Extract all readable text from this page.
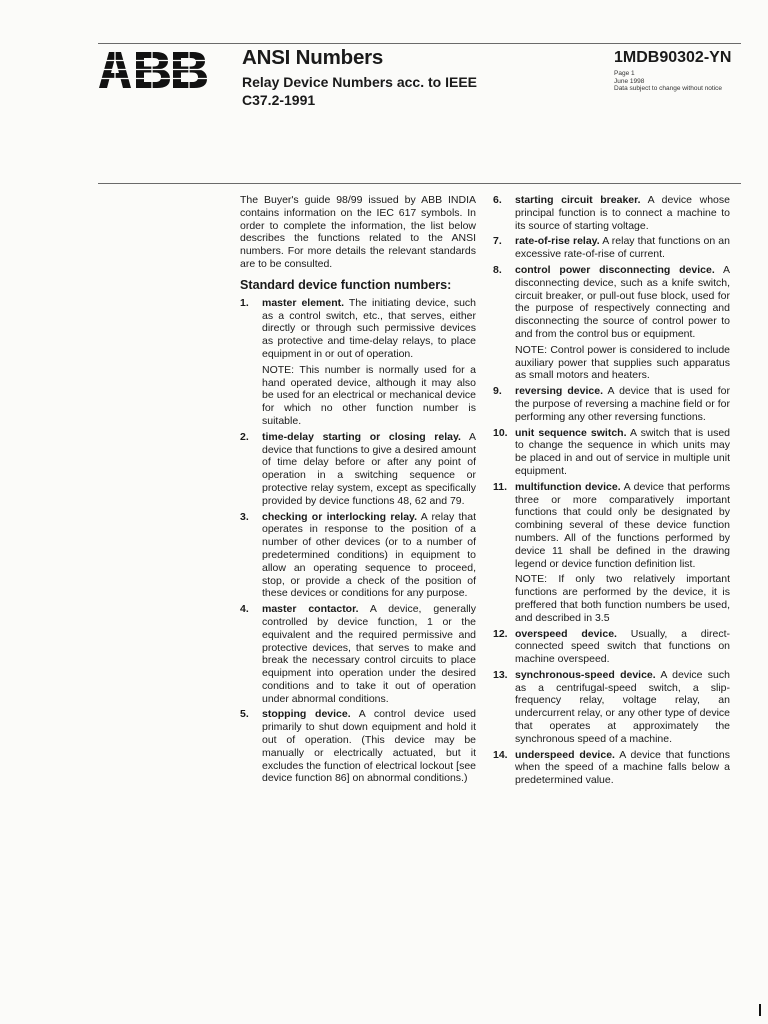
ANSI Numbers
Relay Device Numbers acc. to IEEE C37.2-1991
1MDB90302-YN
Page 1
June 1998
Data subject to change without notice

The Buyer's guide 98/99 issued by ABB INDIA contains information on the IEC 617 symbols. In order to complete the information, the list below describes the functions related to the ANSI numbers. For more details the relevant standards are to be consulted.

Standard device function numbers:
1. master element. The initiating device, such as a control switch, etc., that serves, either directly or through such permissive devices as protective and time-delay relays, to place equipment in or out of operation.
NOTE: This number is normally used for a hand operated device, although it may also be used for an electrical or mechanical device for which no other function number is suitable.
2. time-delay starting or closing relay. A device that functions to give a desired amount of time delay before or after any point of operation in a switching sequence or protective relay system, except as specifically provided by device functions 48, 62 and 79.
3. checking or interlocking relay. A relay that operates in response to the position of a number of other devices (or to a number of predetermined conditions) in equipment to allow an operating sequence to proceed, stop, or provide a check of the position of these devices or conditions for any purpose.
4. master contactor. A device, generally controlled by device function, 1 or the equivalent and the required permissive and protective devices, that serves to make and break the necessary control circuits to place equipment into operation under the desired conditions and to take it out of operation under abnormal conditions.
5. stopping device. A control device used primarily to shut down equipment and hold it out of operation. (This device may be manually or electrically actuated, but it excludes the function of electrical lockout [see device function 86] on abnormal conditions.)
6. starting circuit breaker. A device whose principal function is to connect a machine to its source of starting voltage.
7. rate-of-rise relay. A relay that functions on an excessive rate-of-rise of current.
8. control power disconnecting device. A disconnecting device, such as a knife switch, circuit breaker, or pull-out fuse block, used for the purpose of respectively connecting and disconnecting the source of control power to and from the control bus or equipment.
NOTE: Control power is considered to include auxiliary power that supplies such apparatus as small motors and heaters.
9. reversing device. A device that is used for the purpose of reversing a machine field or for performing any other reversing functions.
10. unit sequence switch. A switch that is used to change the sequence in which units may be placed in and out of service in multiple unit equipment.
11. multifunction device. A device that performs three or more comparatively important functions that could only be designated by combining several of these device function numbers. All of the functions performed by device 11 shall be defined in the drawing legend or device function definition list.
NOTE: If only two relatively important functions are performed by the device, it is preffered that both function numbers be used, and described in 3.5
12. overspeed device. Usually, a direct-connected speed switch that functions on machine overspeed.
13. synchronous-speed device. A device such as a centrifugal-speed switch, a slip-frequency relay, voltage relay, an undercurrent relay, or any other type of device that operates at approximately the synchronous speed of a machine.
14. underspeed device. A device that functions when the speed of a machine falls below a predetermined value.
